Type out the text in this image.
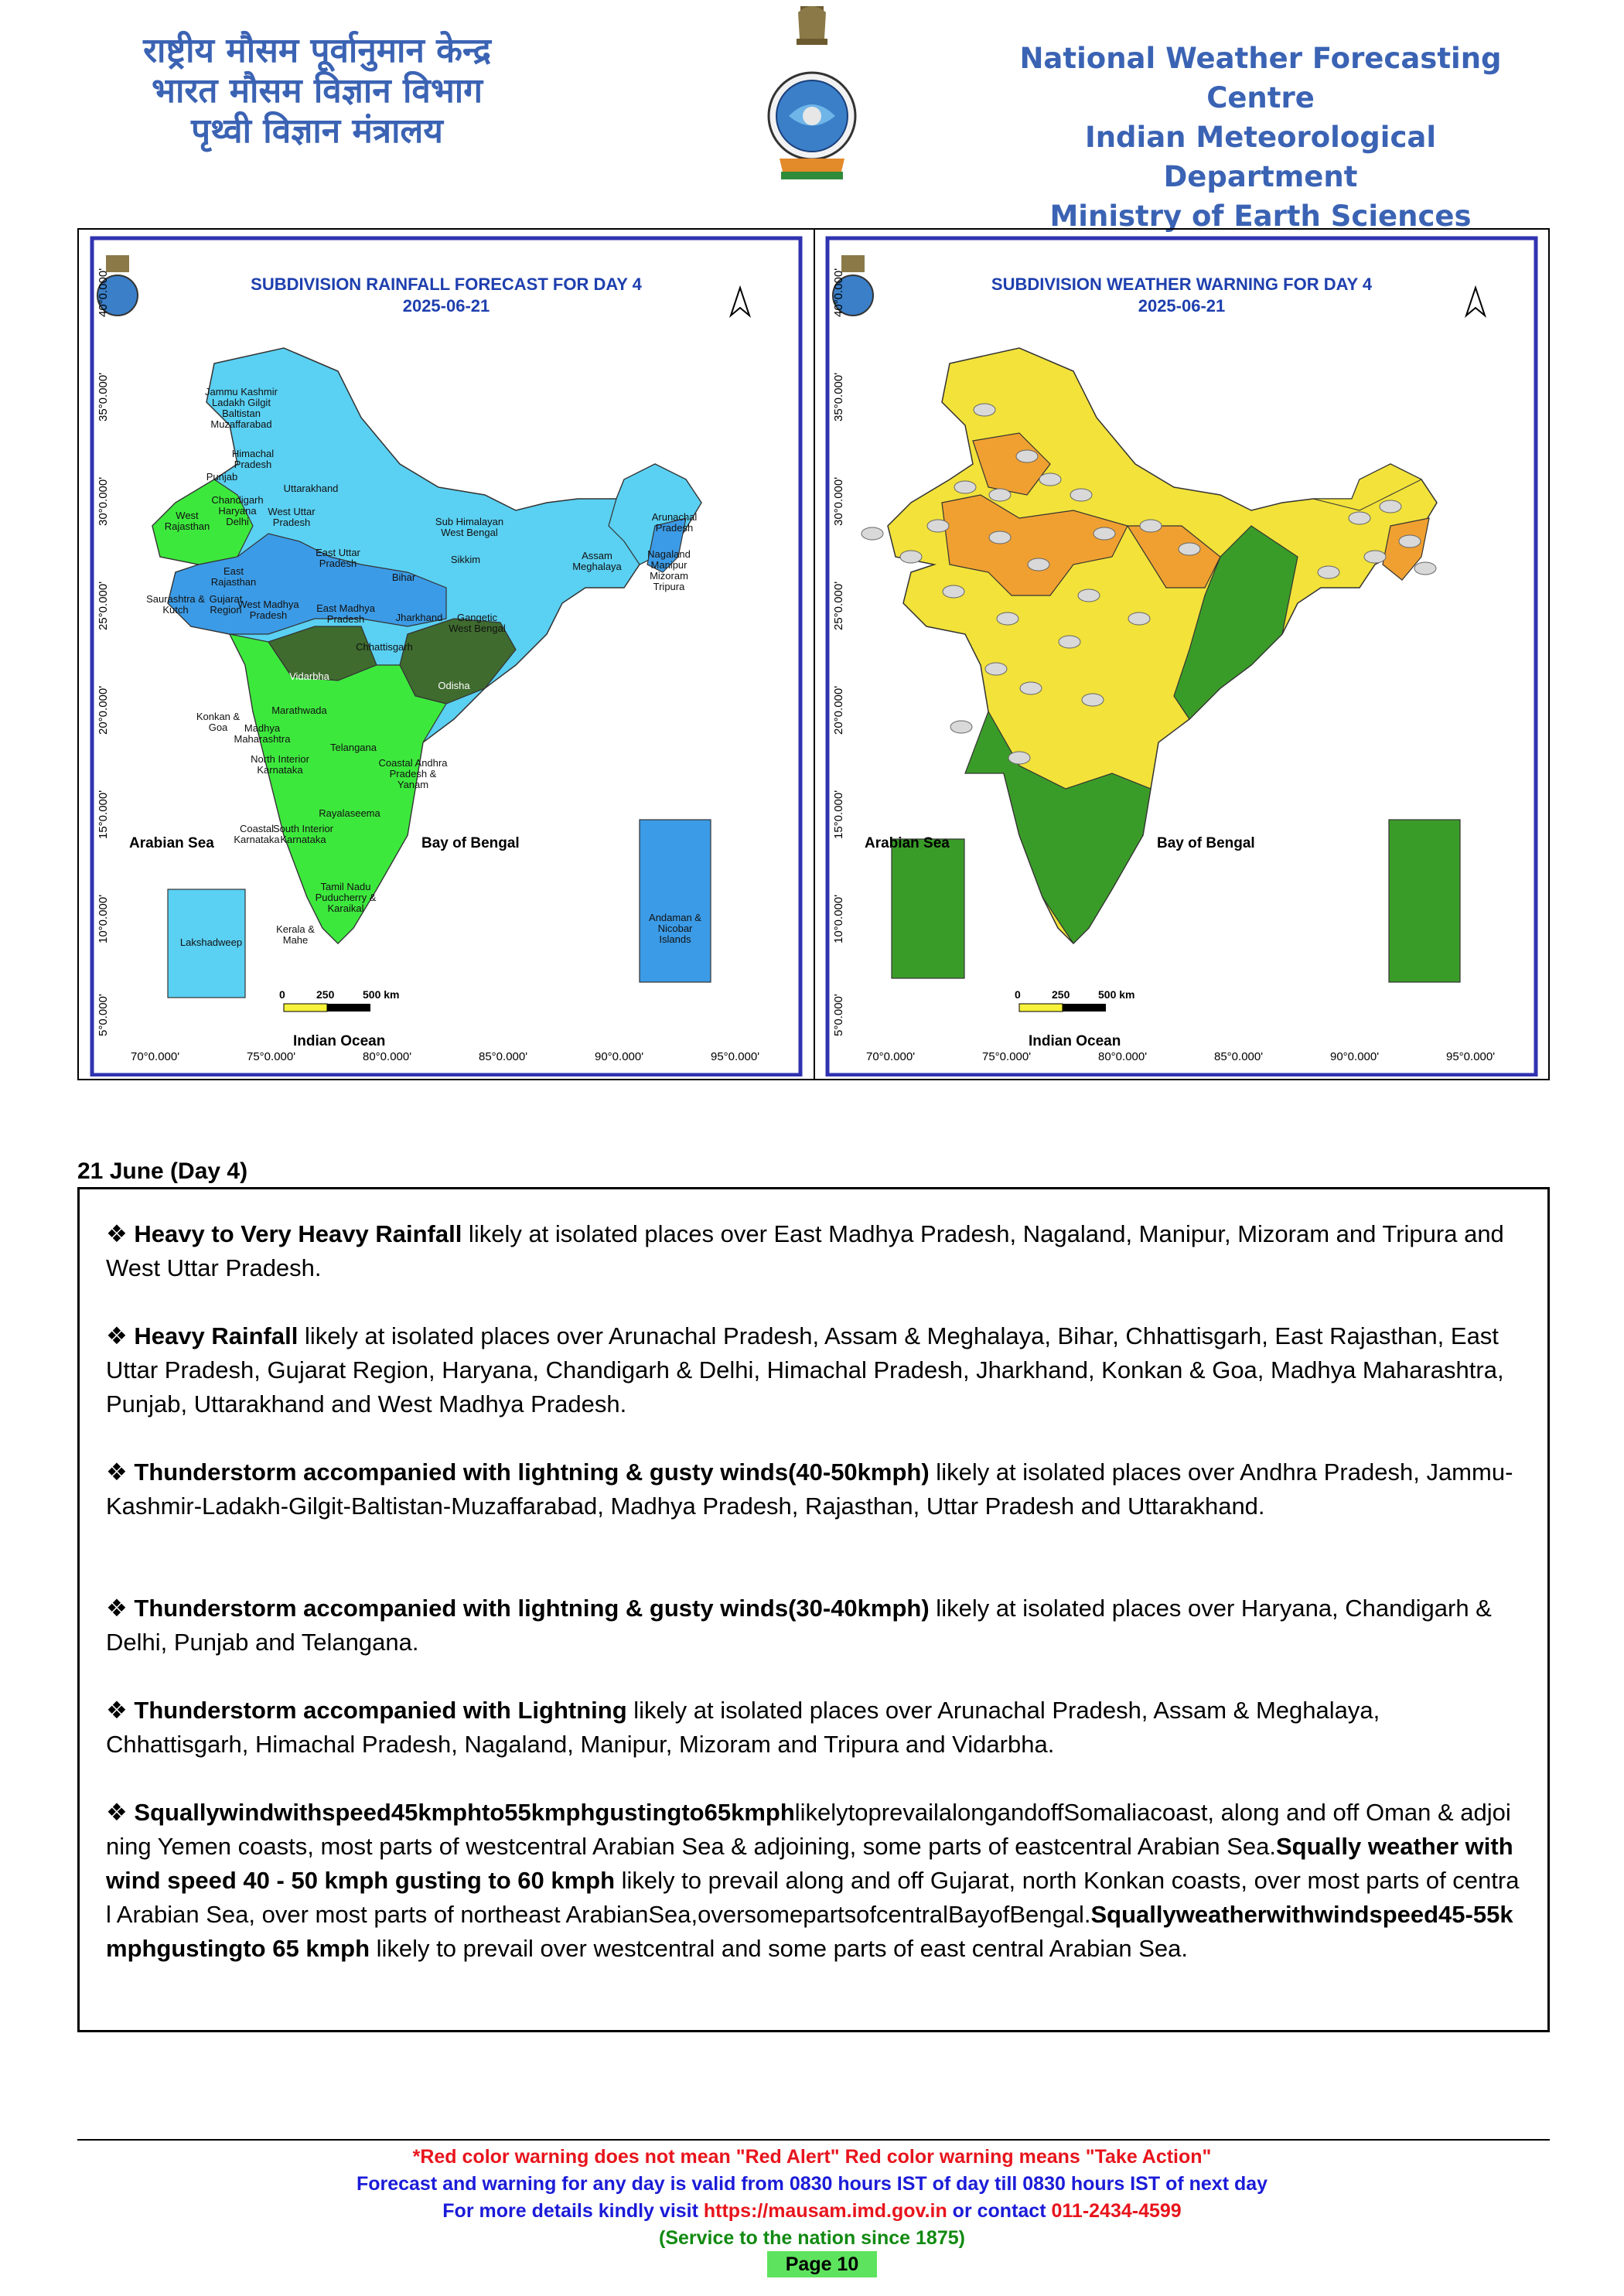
राष्ट्रीय मौसम पूर्वानुमान केन्द्र
भारत मौसम विज्ञान विभाग
पृथ्वी विज्ञान मंत्रालय
National Weather Forecasting Centre
Indian Meteorological Department
Ministry of Earth Sciences
SUBDIVISION RAINFALL FORECAST FOR DAY 4
2025-06-21
Arabian Sea	Bay of Bengal
Indian Ocean
Lakshadweep
Andaman & Nicobar Islands
0	250	500 km
Jammu Kashmir Ladakh Gilgit Baltistan Muzaffarabad
Himachal Pradesh
Punjab
Uttarakhand
Chandigarh Haryana Delhi
West Uttar Pradesh
West Rajasthan
East Rajasthan
East Uttar Pradesh
Bihar
Sub Himalayan West Bengal
Sikkim
Arunachal Pradesh
Assam Meghalaya
Nagaland Manipur Mizoram Tripura
Saurashtra & Kutch
Gujarat Region
West Madhya Pradesh
East Madhya Pradesh	Jharkhand	Gangetic West Bengal
Chhattisgarh
Vidarbha
Odisha
Konkan & Goa	Madhya Maharashtra
Marathwada
Telangana
North Interior Karnataka
Coastal Andhra Pradesh & Yanam
Rayalaseema
Coastal Karnataka
South Interior Karnataka
Tamil Nadu Puducherry & Karaikal
Kerala & Mahe
70°0.000'	75°0.000'	80°0.000'	85°0.000'	90°0.000'	95°0.000'
40°0.000'
35°0.000'
30°0.000'
25°0.000'
20°0.000'
15°0.000'
10°0.000'
5°0.000'
SUBDIVISION WEATHER WARNING FOR DAY 4
2025-06-21
Arabian Sea	Bay of Bengal
Indian Ocean
0	250	500 km
70°0.000'	75°0.000'	80°0.000'	85°0.000'	90°0.000'	95°0.000'
40°0.000'
35°0.000'
30°0.000'
25°0.000'
20°0.000'
15°0.000'
10°0.000'
5°0.000'
21 June (Day 4)
❖ Heavy to Very Heavy Rainfall likely at isolated places over East Madhya Pradesh, Nagaland, Manipur, Mizoram and Tripura and West Uttar Pradesh.
❖ Heavy Rainfall likely at isolated places over Arunachal Pradesh, Assam & Meghalaya, Bihar, Chhattisgarh, East Rajasthan, East Uttar Pradesh, Gujarat Region, Haryana, Chandigarh & Delhi, Himachal Pradesh, Jharkhand, Konkan & Goa, Madhya Maharashtra, Punjab, Uttarakhand and West Madhya Pradesh.
❖ Thunderstorm accompanied with lightning & gusty winds(40-50kmph) likely at isolated places over Andhra Pradesh, Jammu-Kashmir-Ladakh-Gilgit-Baltistan-Muzaffarabad, Madhya Pradesh, Rajasthan, Uttar Pradesh and Uttarakhand.
❖ Thunderstorm accompanied with lightning & gusty winds(30-40kmph) likely at isolated places over Haryana, Chandigarh & Delhi, Punjab and Telangana.
❖ Thunderstorm accompanied with Lightning likely at isolated places over Arunachal Pradesh, Assam & Meghalaya, Chhattisgarh, Himachal Pradesh, Nagaland, Manipur, Mizoram and Tripura and Vidarbha.
❖ Squallywindwithspeed45kmphto55kmphgustingto65kmphlikelytoprevailalongandoffSomaliacoast, along and off Oman & adjoining Yemen coasts, most parts of westcentral Arabian Sea & adjoining, some parts of eastcentral Arabian Sea.Squally weather with wind speed 40 - 50 kmph gusting to 60 kmph likely to prevail along and off Gujarat, north Konkan coasts, over most parts of central Arabian Sea, over most parts of northeast ArabianSea,oversomepartsofcentralBayofBengal.Squallyweatherwithwindspeed45-55kmphgustingto 65 kmph likely to prevail over westcentral and some parts of east central Arabian Sea.
*Red color warning does not mean "Red Alert" Red color warning means "Take Action"
Forecast and warning for any day is valid from 0830 hours IST of day till 0830 hours IST of next day
For more details kindly visit https://mausam.imd.gov.in or contact 011-2434-4599
(Service to the nation since 1875)
Page 10
